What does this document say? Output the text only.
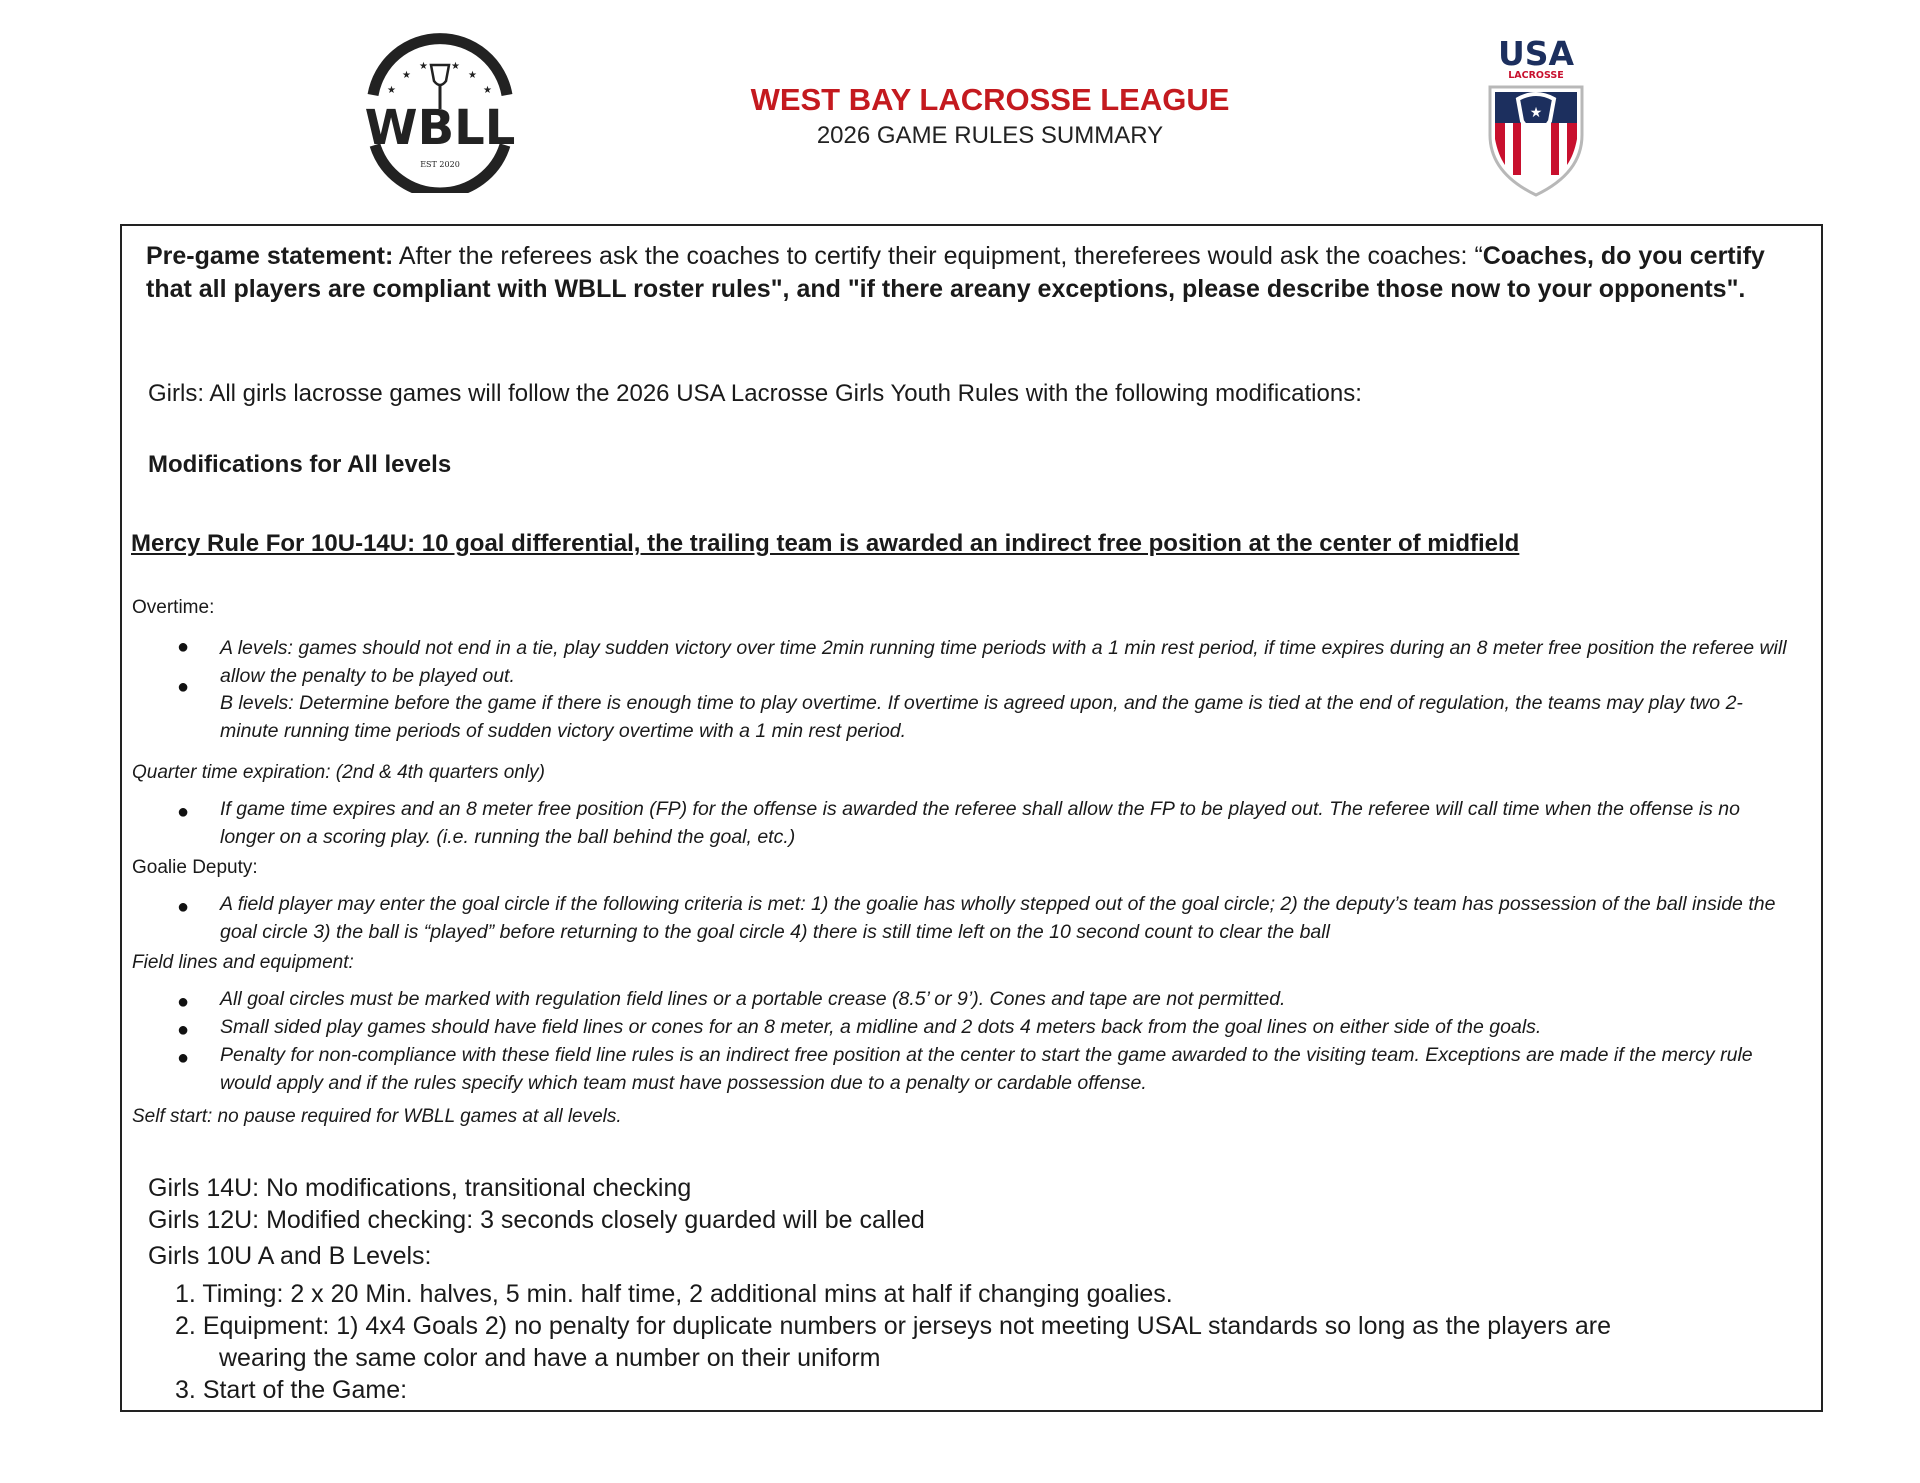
★
★
★ ★
★
★
WBLL
EST 2020
WEST BAY LACROSSE LEAGUE
2026 GAME RULES SUMMARY
USA
LACROSSE
★
Pre-game statement: After the referees ask the coaches to certify their equipment, thereferees would ask the coaches: “Coaches, do you certify that all players are compliant with WBLL roster rules", and "if there areany exceptions, please describe those now to your opponents".
Girls: All girls lacrosse games will follow the 2026 USA Lacrosse Girls Youth Rules with the following modifications:
Modifications for All levels
Mercy Rule For 10U-14U: 10 goal differential, the trailing team is awarded an indirect free position at the center of midfield
Overtime:
●
●
A levels: games should not end in a tie, play sudden victory over time 2min running time periods with a 1 min rest period, if time expires during an 8 meter free position the referee will allow the penalty to be played out.
B levels: Determine before the game if there is enough time to play overtime. If overtime is agreed upon, and the game is tied at the end of regulation, the teams may play two 2-minute running time periods of sudden victory overtime with a 1 min rest period.
Quarter time expiration: (2nd & 4th quarters only)
● If game time expires and an 8 meter free position (FP) for the offense is awarded the referee shall allow the FP to be played out. The referee will call time when the offense is no longer on a scoring play. (i.e. running the ball behind the goal, etc.)
Goalie Deputy:
● A field player may enter the goal circle if the following criteria is met: 1) the goalie has wholly stepped out of the goal circle; 2) the deputy’s team has possession of the ball inside the goal circle 3) the ball is “played” before returning to the goal circle 4) there is still time left on the 10 second count to clear the ball
Field lines and equipment:
● All goal circles must be marked with regulation field lines or a portable crease (8.5’ or 9’). Cones and tape are not permitted.
● Small sided play games should have field lines or cones for an 8 meter, a midline and 2 dots 4 meters back from the goal lines on either side of the goals.
● Penalty for non-compliance with these field line rules is an indirect free position at the center to start the game awarded to the visiting team. Exceptions are made if the mercy rule would apply and if the rules specify which team must have possession due to a penalty or cardable offense.
Self start: no pause required for WBLL games at all levels.
Girls 14U: No modifications, transitional checking
Girls 12U: Modified checking: 3 seconds closely guarded will be called
Girls 10U A and B Levels:
1. Timing: 2 x 20 Min. halves, 5 min. half time, 2 additional mins at half if changing goalies.
2. Equipment: 1) 4x4 Goals 2) no penalty for duplicate numbers or jerseys not meeting USAL standards so long as the players are
wearing the same color and have a number on their uniform
3. Start of the Game:
